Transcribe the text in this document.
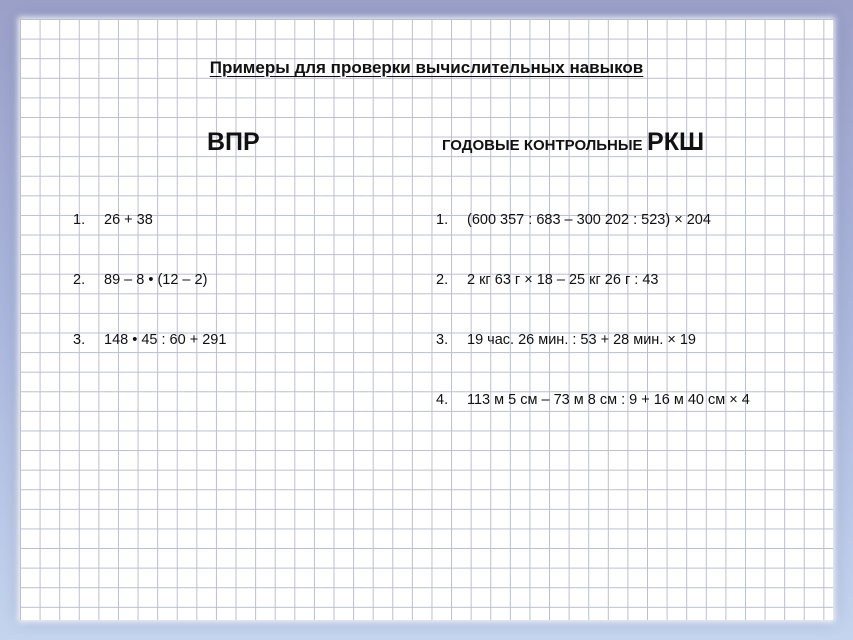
Примеры для проверки вычислительных навыков
ВПР	ГОДОВЫЕ КОНТРОЛЬНЫЕ РКШ
1. 26 + 38
2. 89 – 8 • (12 – 2)
3. 148 • 45 : 60 + 291
1. (600 357 : 683 – 300 202 : 523) × 204
2. 2 кг 63 г × 18 – 25 кг 26 г : 43
3. 19 час. 26 мин. : 53 + 28 мин. × 19
4. 113 м 5 см – 73 м 8 см : 9 + 16 м 40 см × 4
